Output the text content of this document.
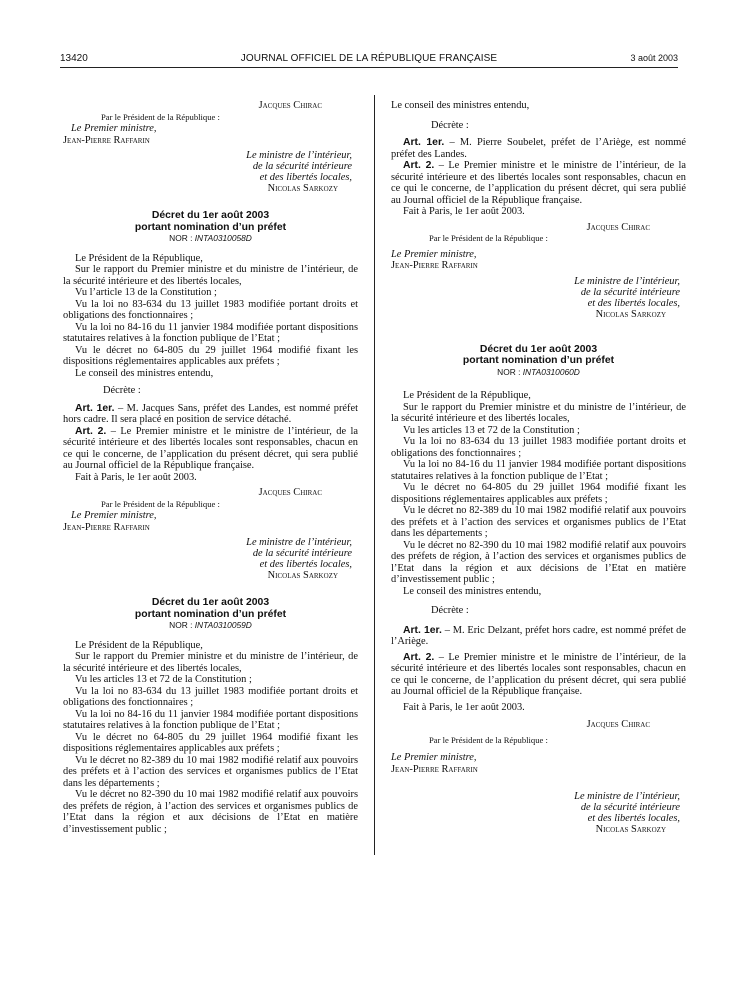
13420	JOURNAL OFFICIEL DE LA RÉPUBLIQUE FRANÇAISE	3 août 2003

Jacques Chirac

Par le Président de la République :

Le Premier ministre,

Jean-Pierre Raffarin

Le ministre de l’intérieur,

de la sécurité intérieure

et des libertés locales,

Nicolas Sarkozy

Décret du 1er août 2003

portant nomination d’un préfet

NOR : INTA0310058D

Le Président de la République,

Sur le rapport du Premier ministre et du ministre de l’intérieur, de la sécurité intérieure et des libertés locales,

Vu l’article 13 de la Constitution ;

Vu la loi no 83-634 du 13 juillet 1983 modifiée portant droits et obligations des fonctionnaires ;

Vu la loi no 84-16 du 11 janvier 1984 modifiée portant dispositions statutaires relatives à la fonction publique de l’Etat ;

Vu le décret no 64-805 du 29 juillet 1964 modifié fixant les dispositions réglementaires applicables aux préfets ;

Le conseil des ministres entendu,

Décrète :

Art. 1er. – M. Jacques Sans, préfet des Landes, est nommé préfet hors cadre. Il sera placé en position de service détaché.

Art. 2. – Le Premier ministre et le ministre de l’intérieur, de la sécurité intérieure et des libertés locales sont responsables, chacun en ce qui le concerne, de l’application du présent décret, qui sera publié au Journal officiel de la République française.

Fait à Paris, le 1er août 2003.

Jacques Chirac

Par le Président de la République :

Le Premier ministre,

Jean-Pierre Raffarin

Le ministre de l’intérieur,

de la sécurité intérieure

et des libertés locales,

Nicolas Sarkozy

Décret du 1er août 2003

portant nomination d’un préfet

NOR : INTA0310059D

Le Président de la République,

Sur le rapport du Premier ministre et du ministre de l’intérieur, de la sécurité intérieure et des libertés locales,

Vu les articles 13 et 72 de la Constitution ;

Vu la loi no 83-634 du 13 juillet 1983 modifiée portant droits et obligations des fonctionnaires ;

Vu la loi no 84-16 du 11 janvier 1984 modifiée portant dispositions statutaires relatives à la fonction publique de l’Etat ;

Vu le décret no 64-805 du 29 juillet 1964 modifié fixant les dispositions réglementaires applicables aux préfets ;

Vu le décret no 82-389 du 10 mai 1982 modifié relatif aux pouvoirs des préfets et à l’action des services et organismes publics de l’Etat dans les départements ;

Vu le décret no 82-390 du 10 mai 1982 modifié relatif aux pouvoirs des préfets de région, à l’action des services et organismes publics de l’Etat dans la région et aux décisions de l’Etat en matière d’investissement public ;

Le conseil des ministres entendu,

Décrète :

Art. 1er. – M. Pierre Soubelet, préfet de l’Ariège, est nommé préfet des Landes.

Art. 2. – Le Premier ministre et le ministre de l’intérieur, de la sécurité intérieure et des libertés locales sont responsables, chacun en ce qui le concerne, de l’application du présent décret, qui sera publié au Journal officiel de la République française.

Fait à Paris, le 1er août 2003.

Jacques Chirac

Par le Président de la République :

Le Premier ministre,

Jean-Pierre Raffarin

Le ministre de l’intérieur,

de la sécurité intérieure

et des libertés locales,

Nicolas Sarkozy

Décret du 1er août 2003

portant nomination d’un préfet

NOR : INTA0310060D

Le Président de la République,

Sur le rapport du Premier ministre et du ministre de l’intérieur, de la sécurité intérieure et des libertés locales,

Vu les articles 13 et 72 de la Constitution ;

Vu la loi no 83-634 du 13 juillet 1983 modifiée portant droits et obligations des fonctionnaires ;

Vu la loi no 84-16 du 11 janvier 1984 modifiée portant dispositions statutaires relatives à la fonction publique de l’Etat ;

Vu le décret no 64-805 du 29 juillet 1964 modifié fixant les dispositions réglementaires applicables aux préfets ;

Vu le décret no 82-389 du 10 mai 1982 modifié relatif aux pouvoirs des préfets et à l’action des services et organismes publics de l’Etat dans les départements ;

Vu le décret no 82-390 du 10 mai 1982 modifié relatif aux pouvoirs des préfets de région, à l’action des services et organismes publics de l’Etat dans la région et aux décisions de l’Etat en matière d’investissement public ;

Le conseil des ministres entendu,

Décrète :

Art. 1er. – M. Eric Delzant, préfet hors cadre, est nommé préfet de l’Ariège.

Art. 2. – Le Premier ministre et le ministre de l’intérieur, de la sécurité intérieure et des libertés locales sont responsables, chacun en ce qui le concerne, de l’application du présent décret, qui sera publié au Journal officiel de la République française.

Fait à Paris, le 1er août 2003.

Jacques Chirac

Par le Président de la République :

Le Premier ministre,

Jean-Pierre Raffarin

Le ministre de l’intérieur,

de la sécurité intérieure

et des libertés locales,

Nicolas Sarkozy
